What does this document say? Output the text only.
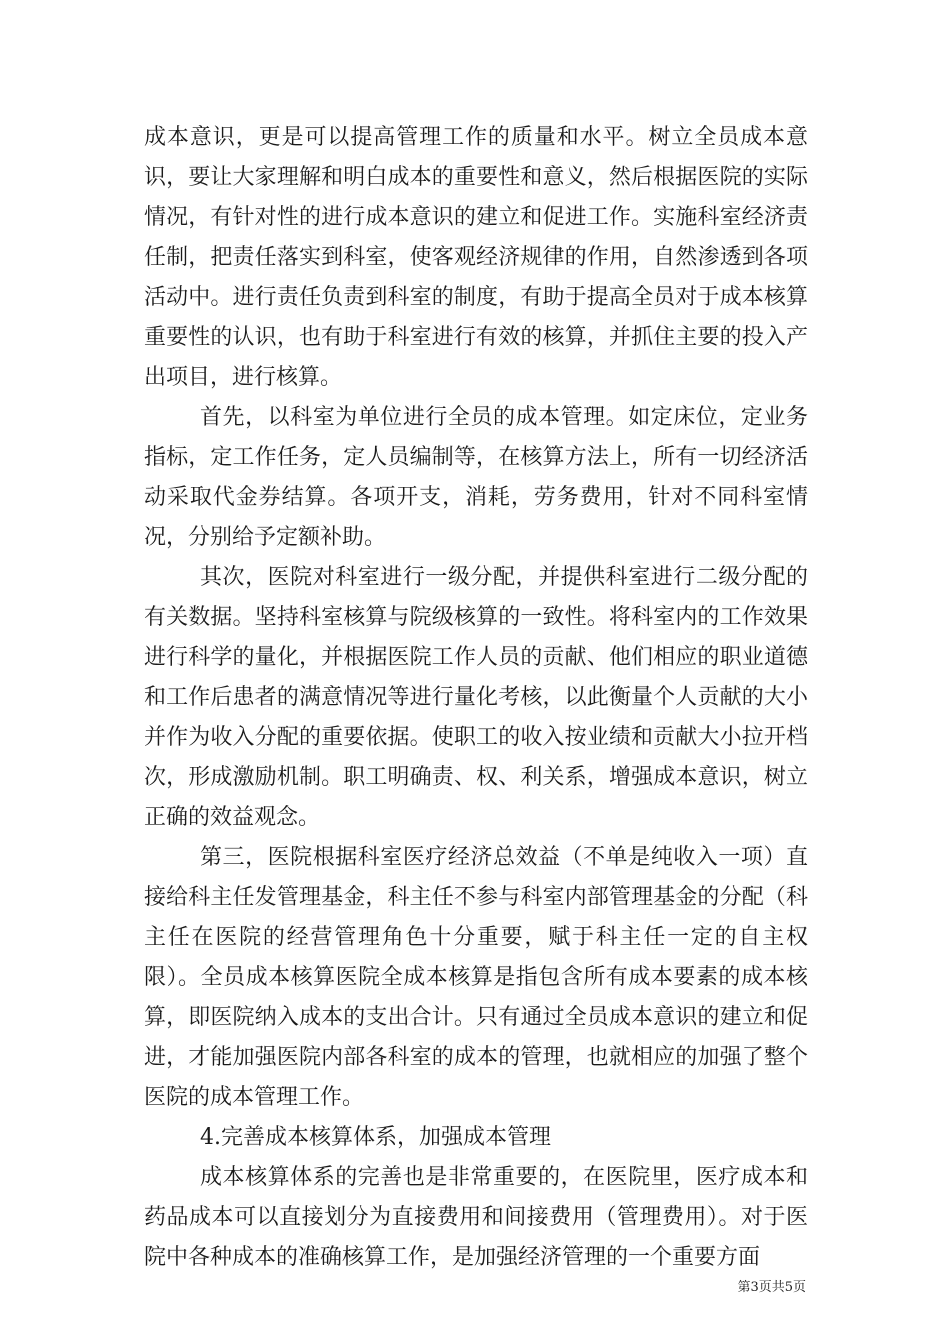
成本意识，更是可以提高管理工作的质量和水平。树立全员成本意识，要让大家理解和明白成本的重要性和意义，然后根据医院的实际情况，有针对性的进行成本意识的建立和促进工作。实施科室经济责任制，把责任落实到科室，使客观经济规律的作用，自然渗透到各项活动中。进行责任负责到科室的制度，有助于提高全员对于成本核算重要性的认识，也有助于科室进行有效的核算，并抓住主要的投入产出项目，进行核算。

首先，以科室为单位进行全员的成本管理。如定床位，定业务指标，定工作任务，定人员编制等，在核算方法上，所有一切经济活动采取代金券结算。各项开支，消耗，劳务费用，针对不同科室情况，分别给予定额补助。

其次，医院对科室进行一级分配，并提供科室进行二级分配的有关数据。坚持科室核算与院级核算的一致性。将科室内的工作效果进行科学的量化，并根据医院工作人员的贡献、他们相应的职业道德和工作后患者的满意情况等进行量化考核，以此衡量个人贡献的大小并作为收入分配的重要依据。使职工的收入按业绩和贡献大小拉开档次，形成激励机制。职工明确责、权、利关系，增强成本意识，树立正确的效益观念。

第三，医院根据科室医疗经济总效益（不单是纯收入一项）直接给科主任发管理基金，科主任不参与科室内部管理基金的分配（科主任在医院的经营管理角色十分重要，赋于科主任一定的自主权限）。全员成本核算医院全成本核算是指包含所有成本要素的成本核算，即医院纳入成本的支出合计。只有通过全员成本意识的建立和促进，才能加强医院内部各科室的成本的管理，也就相应的加强了整个医院的成本管理工作。

4.完善成本核算体系，加强成本管理

成本核算体系的完善也是非常重要的，在医院里，医疗成本和药品成本可以直接划分为直接费用和间接费用（管理费用）。对于医院中各种成本的准确核算工作，是加强经济管理的一个重要方面

第3页共5页
